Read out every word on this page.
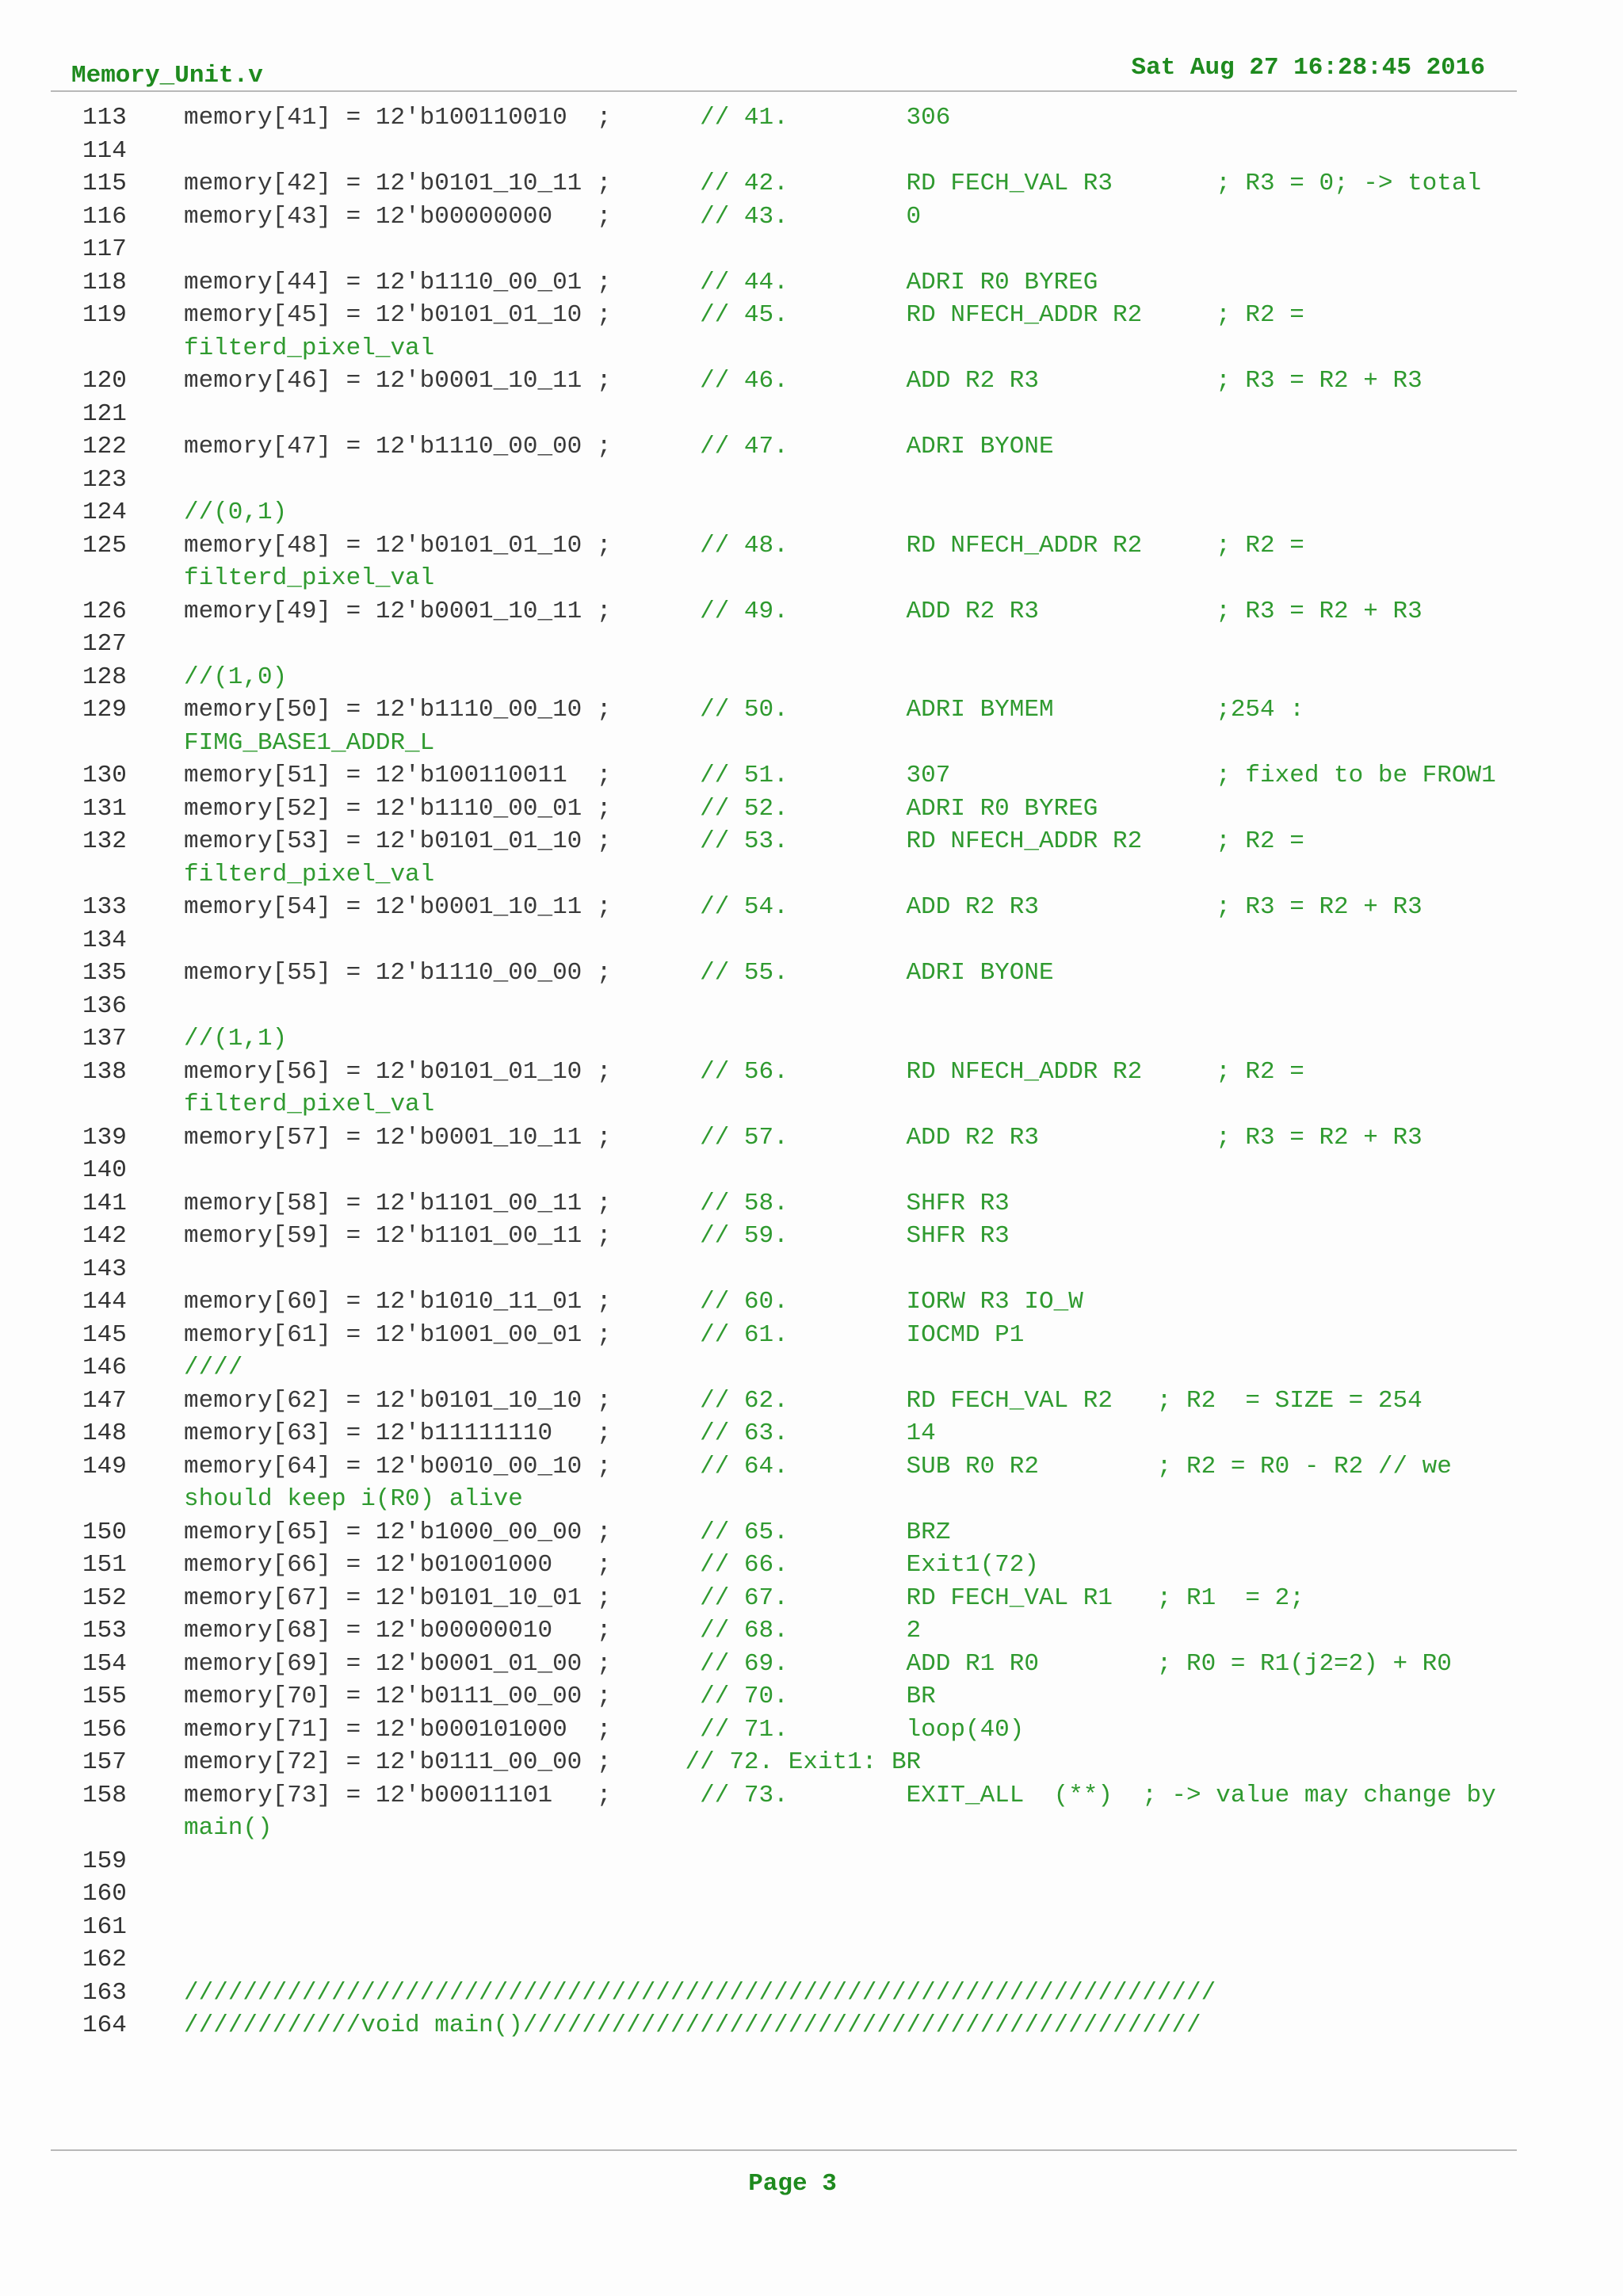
Memory_Unit.v	Sat Aug 27 16:28:45 2016
113 memory[41] = 12'b100110010  ;      // 41.        306
114
115 memory[42] = 12'b0101_10_11 ;      // 42.        RD FECH_VAL R3       ; R3 = 0; -> total
116 memory[43] = 12'b00000000   ;      // 43.        0
117
118 memory[44] = 12'b1110_00_01 ;      // 44.        ADRI R0 BYREG
119 memory[45] = 12'b0101_01_10 ;      // 45.        RD NFECH_ADDR R2     ; R2 = filterd_pixel_val
120 memory[46] = 12'b0001_10_11 ;      // 46.        ADD R2 R3            ; R3 = R2 + R3
121
122 memory[47] = 12'b1110_00_00 ;      // 47.        ADRI BYONE
123
124 //(0,1)
125 memory[48] = 12'b0101_01_10 ;      // 48.        RD NFECH_ADDR R2     ; R2 = filterd_pixel_val
126 memory[49] = 12'b0001_10_11 ;      // 49.        ADD R2 R3            ; R3 = R2 + R3
127
128 //(1,0)
129 memory[50] = 12'b1110_00_10 ;      // 50.        ADRI BYMEM           ;254 : FIMG_BASE1_ADDR_L
130 memory[51] = 12'b100110011  ;      // 51.        307                  ; fixed to be FROW1
131 memory[52] = 12'b1110_00_01 ;      // 52.        ADRI R0 BYREG
132 memory[53] = 12'b0101_01_10 ;      // 53.        RD NFECH_ADDR R2     ; R2 = filterd_pixel_val
133 memory[54] = 12'b0001_10_11 ;      // 54.        ADD R2 R3            ; R3 = R2 + R3
134
135 memory[55] = 12'b1110_00_00 ;      // 55.        ADRI BYONE
136
137 //(1,1)
138 memory[56] = 12'b0101_01_10 ;      // 56.        RD NFECH_ADDR R2     ; R2 = filterd_pixel_val
139 memory[57] = 12'b0001_10_11 ;      // 57.        ADD R2 R3            ; R3 = R2 + R3
140
141 memory[58] = 12'b1101_00_11 ;      // 58.        SHFR R3
142 memory[59] = 12'b1101_00_11 ;      // 59.        SHFR R3
143
144 memory[60] = 12'b1010_11_01 ;      // 60.        IORW R3 IO_W
145 memory[61] = 12'b1001_00_01 ;      // 61.        IOCMD P1
146 ////
147 memory[62] = 12'b0101_10_10 ;      // 62.        RD FECH_VAL R2   ; R2  = SIZE = 254
148 memory[63] = 12'b11111110   ;      // 63.        14
149 memory[64] = 12'b0010_00_10 ;      // 64.        SUB R0 R2        ; R2 = R0 - R2 // we should keep i(R0) alive
150 memory[65] = 12'b1000_00_00 ;      // 65.        BRZ
151 memory[66] = 12'b01001000   ;      // 66.        Exit1(72)
152 memory[67] = 12'b0101_10_01 ;      // 67.        RD FECH_VAL R1   ; R1  = 2;
153 memory[68] = 12'b00000010   ;      // 68.        2
154 memory[69] = 12'b0001_01_00 ;      // 69.        ADD R1 R0        ; R0 = R1(j2=2) + R0
155 memory[70] = 12'b0111_00_00 ;      // 70.        BR
156 memory[71] = 12'b000101000  ;      // 71.        loop(40)
157 memory[72] = 12'b0111_00_00 ;     // 72. Exit1: BR
158 memory[73] = 12'b00011101   ;      // 73.        EXIT_ALL  (**)  ; -> value may change by main()
159
160
161
162
163 //////////////////////////////////////////////////////////////////////
164 ////////////void main()//////////////////////////////////////////////
Page 3
